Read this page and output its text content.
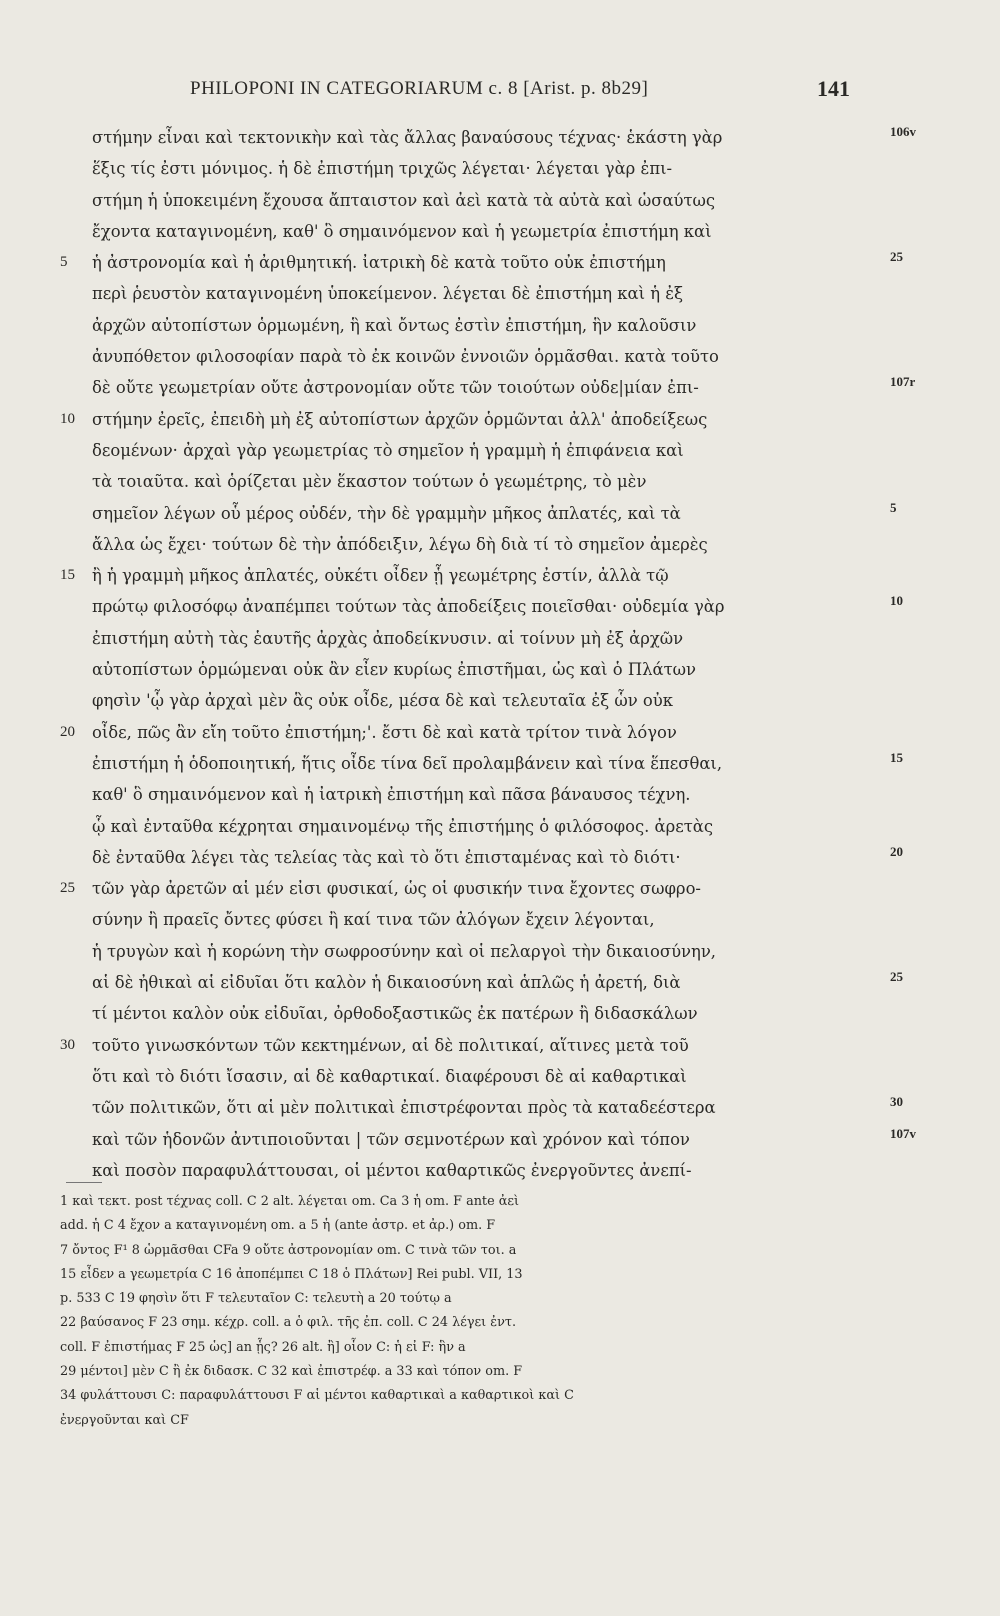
PHILOPONI IN CATEGORIARUM c. 8 [Arist. p. 8b29]	141
στήμην εἶναι καὶ τεκτονικὴν καὶ τὰς ἄλλας βαναύσους τέχνας· ἑκάστη γὰρ	106v
ἕξις τίς ἐστι μόνιμος. ἡ δὲ ἐπιστήμη τριχῶς λέγεται· λέγεται γὰρ ἐπι-
στήμη ἡ ὑποκειμένη ἔχουσα ἄπταιστον καὶ ἀεὶ κατὰ τὰ αὐτὰ καὶ ὡσαύτως
ἔχοντα καταγινομένη, καθ' ὃ σημαινόμενον καὶ ἡ γεωμετρία ἐπιστήμη καὶ
5	ἡ ἀστρονομία καὶ ἡ ἀριθμητική. ἰατρικὴ δὲ κατὰ τοῦτο οὐκ ἐπιστήμη	25
περὶ ῥευστὸν καταγινομένη ὑποκείμενον. λέγεται δὲ ἐπιστήμη καὶ ἡ ἐξ
ἀρχῶν αὐτοπίστων ὁρμωμένη, ἣ καὶ ὄντως ἐστὶν ἐπιστήμη, ἣν καλοῦσιν
ἀνυπόθετον φιλοσοφίαν παρὰ τὸ ἐκ κοινῶν ἐννοιῶν ὁρμᾶσθαι. κατὰ τοῦτο
δὲ οὔτε γεωμετρίαν οὔτε ἀστρονομίαν οὔτε τῶν τοιούτων οὐδε|μίαν ἐπι-	107r
10	στήμην ἐρεῖς, ἐπειδὴ μὴ ἐξ αὐτοπίστων ἀρχῶν ὁρμῶνται ἀλλ' ἀποδείξεως
δεομένων· ἀρχαὶ γὰρ γεωμετρίας τὸ σημεῖον ἡ γραμμὴ ἡ ἐπιφάνεια καὶ
τὰ τοιαῦτα. καὶ ὁρίζεται μὲν ἕκαστον τούτων ὁ γεωμέτρης, τὸ μὲν
σημεῖον λέγων οὗ μέρος οὐδέν, τὴν δὲ γραμμὴν μῆκος ἀπλατές, καὶ τὰ	5
ἄλλα ὡς ἔχει· τούτων δὲ τὴν ἀπόδειξιν, λέγω δὴ διὰ τί τὸ σημεῖον ἀμερὲς
15	ἢ ἡ γραμμὴ μῆκος ἀπλατές, οὐκέτι οἶδεν ᾗ γεωμέτρης ἐστίν, ἀλλὰ τῷ
πρώτῳ φιλοσόφῳ ἀναπέμπει τούτων τὰς ἀποδείξεις ποιεῖσθαι· οὐδεμία γὰρ	10
ἐπιστήμη αὐτὴ τὰς ἑαυτῆς ἀρχὰς ἀποδείκνυσιν. αἱ τοίνυν μὴ ἐξ ἀρχῶν
αὐτοπίστων ὁρμώμεναι οὐκ ἂν εἶεν κυρίως ἐπιστῆμαι, ὡς καὶ ὁ Πλάτων
φησὶν 'ᾧ γὰρ ἀρχαὶ μὲν ἃς οὐκ οἶδε, μέσα δὲ καὶ τελευταῖα ἐξ ὧν οὐκ
20	οἶδε, πῶς ἂν εἴη τοῦτο ἐπιστήμη;'. ἔστι δὲ καὶ κατὰ τρίτον τινὰ λόγον
ἐπιστήμη ἡ ὁδοποιητική, ἥτις οἶδε τίνα δεῖ προλαμβάνειν καὶ τίνα ἕπεσθαι,	15
καθ' ὃ σημαινόμενον καὶ ἡ ἰατρικὴ ἐπιστήμη καὶ πᾶσα βάναυσος τέχνη.
ᾧ καὶ ἐνταῦθα κέχρηται σημαινομένῳ τῆς ἐπιστήμης ὁ φιλόσοφος. ἀρετὰς
δὲ ἐνταῦθα λέγει τὰς τελείας τὰς καὶ τὸ ὅτι ἐπισταμένας καὶ τὸ διότι·	20
25	τῶν γὰρ ἀρετῶν αἱ μέν εἰσι φυσικαί, ὡς οἱ φυσικήν τινα ἔχοντες σωφρο-
σύνην ἢ πραεῖς ὄντες φύσει ἢ καί τινα τῶν ἀλόγων ἔχειν λέγονται,
ἡ τρυγὼν καὶ ἡ κορώνη τὴν σωφροσύνην καὶ οἱ πελαργοὶ τὴν δικαιοσύνην,
αἱ δὲ ἠθικαὶ αἱ εἰδυῖαι ὅτι καλὸν ἡ δικαιοσύνη καὶ ἁπλῶς ἡ ἀρετή, διὰ	25
τί μέντοι καλὸν οὐκ εἰδυῖαι, ὀρθοδοξαστικῶς ἐκ πατέρων ἢ διδασκάλων
30	τοῦτο γινωσκόντων τῶν κεκτημένων, αἱ δὲ πολιτικαί, αἵτινες μετὰ τοῦ
ὅτι καὶ τὸ διότι ἴσασιν, αἱ δὲ καθαρτικαί. διαφέρουσι δὲ αἱ καθαρτικαὶ
τῶν πολιτικῶν, ὅτι αἱ μὲν πολιτικαὶ ἐπιστρέφονται πρὸς τὰ καταδεέστερα	30
καὶ τῶν ἡδονῶν ἀντιποιοῦνται | τῶν σεμνοτέρων καὶ χρόνον καὶ τόπον	107v
καὶ ποσὸν παραφυλάττουσαι, οἱ μέντοι καθαρτικῶς ἐνεργοῦντες ἀνεπί-
1 καὶ τεκτ. post τέχνας coll. C 2 alt. λέγεται om. Ca 3 ἡ om. F ante ἀεὶ
add. ἡ C 4 ἔχον a καταγινομένη om. a 5 ἡ (ante ἀστρ. et ἀρ.) om. F
7 ὄντος F¹ 8 ὡρμᾶσθαι CFa 9 οὔτε ἀστρονομίαν om. C τινὰ τῶν τοι. a
15 εἶδεν a γεωμετρία C 16 ἀποπέμπει C 18 ὁ Πλάτων] Rei publ. VII, 13
p. 533 C 19 φησὶν ὅτι F τελευταῖον C: τελευτὴ a 20 τούτῳ a
22 βαύσανος F 23 σημ. κέχρ. coll. a ὁ φιλ. τῆς ἐπ. coll. C 24 λέγει ἐντ.
coll. F ἐπιστήμας F 25 ὡς] an ᾗς? 26 alt. ἢ] οἷον C: ἡ εἰ F: ἣν a
29 μέντοι] μὲν C ἢ ἐκ διδασκ. C 32 καὶ ἐπιστρέφ. a 33 καὶ τόπον om. F
34 φυλάττουσι C: παραφυλάττουσι F αἱ μέντοι καθαρτικαὶ a καθαρτικοὶ καὶ C
ἐνεργοῦνται καὶ CF
